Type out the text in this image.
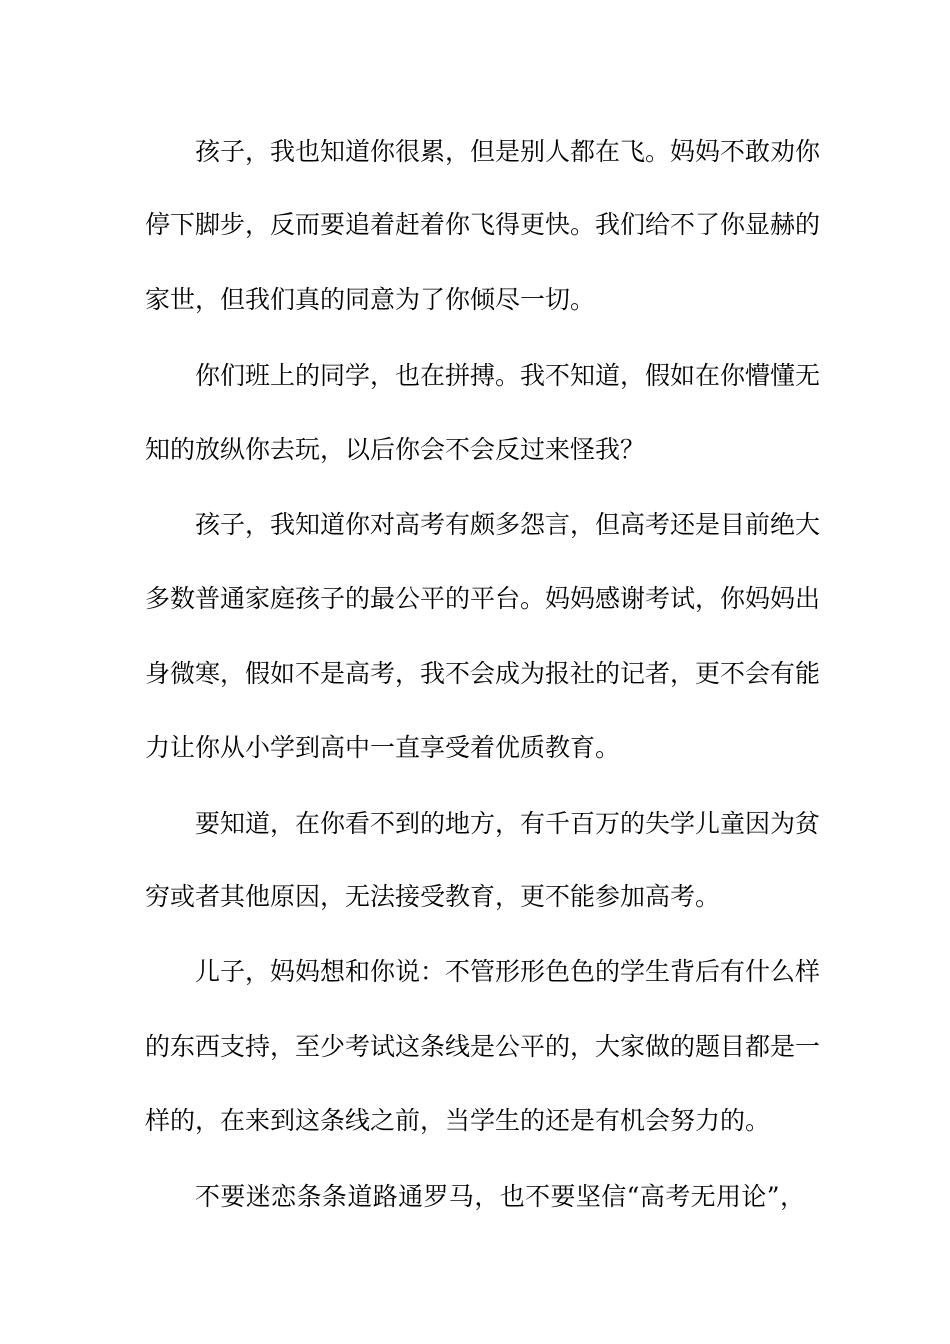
孩子，我也知道你很累，但是别人都在飞。妈妈不敢劝你
停下脚步，反而要追着赶着你飞得更快。我们给不了你显赫的
家世，但我们真的同意为了你倾尽一切。
你们班上的同学，也在拼搏。我不知道，假如在你懵懂无
知的放纵你去玩，以后你会不会反过来怪我？
孩子，我知道你对高考有颇多怨言，但高考还是目前绝大
多数普通家庭孩子的最公平的平台。妈妈感谢考试，你妈妈出
身微寒，假如不是高考，我不会成为报社的记者，更不会有能
力让你从小学到高中一直享受着优质教育。
要知道，在你看不到的地方，有千百万的失学儿童因为贫
穷或者其他原因，无法接受教育，更不能参加高考。
儿子，妈妈想和你说：不管形形色色的学生背后有什么样
的东西支持，至少考试这条线是公平的，大家做的题目都是一
样的，在来到这条线之前，当学生的还是有机会努力的。
不要迷恋条条道路通罗马，也不要坚信“高考无用论”，
